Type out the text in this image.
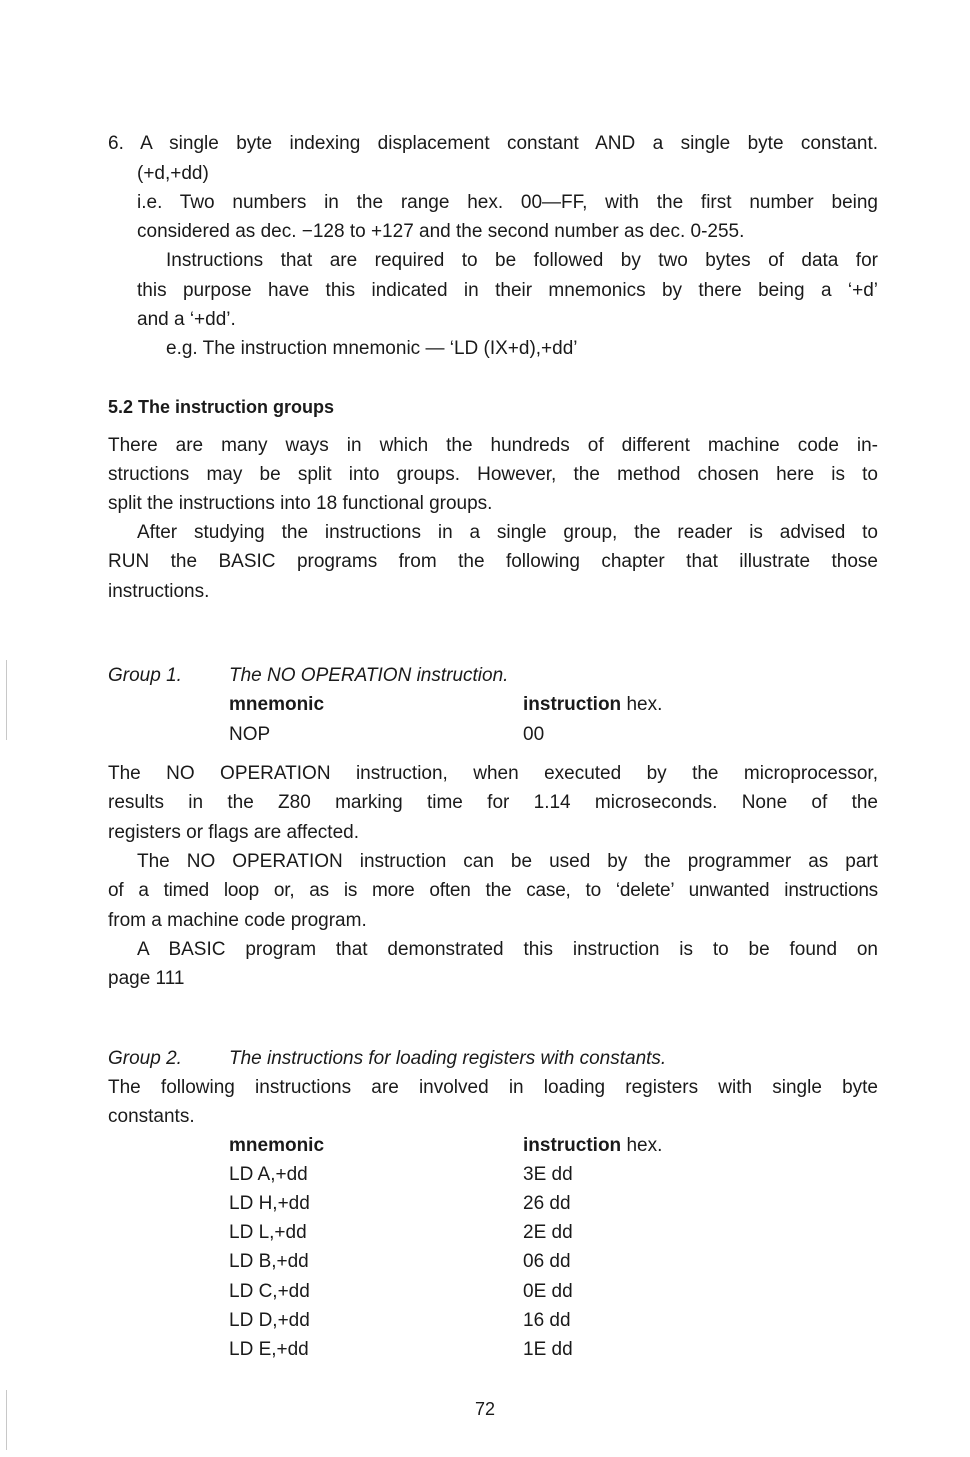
6. A single byte indexing displacement constant AND a single byte constant.
(+d,+dd)
i.e. Two numbers in the range hex. 00—FF, with the first number being
considered as dec. −128 to +127 and the second number as dec. 0-255.
Instructions that are required to be followed by two bytes of data for
this purpose have this indicated in their mnemonics by there being a ‘+d’
and a ‘+dd’.
e.g. The instruction mnemonic — ‘LD (IX+d),+dd’
5.2 The instruction groups
There are many ways in which the hundreds of different machine code in-
structions may be split into groups. However, the method chosen here is to
split the instructions into 18 functional groups.
After studying the instructions in a single group, the reader is advised to
RUN the BASIC programs from the following chapter that illustrate those
instructions.
Group 1. The NO OPERATION instruction.
mnemonic	instruction hex.
NOP	00
The NO OPERATION instruction, when executed by the microprocessor,
results in the Z80 marking time for 1.14 microseconds. None of the
registers or flags are affected.
The NO OPERATION instruction can be used by the programmer as part
of a timed loop or, as is more often the case, to ‘delete’ unwanted instructions
from a machine code program.
A BASIC program that demonstrated this instruction is to be found on
page 111
Group 2. The instructions for loading registers with constants.
The following instructions are involved in loading registers with single byte
constants.
mnemonic	instruction hex.
LD A,+dd	3E dd
LD H,+dd	26 dd
LD L,+dd	2E dd
LD B,+dd	06 dd
LD C,+dd	0E dd
LD D,+dd	16 dd
LD E,+dd	1E dd
72
